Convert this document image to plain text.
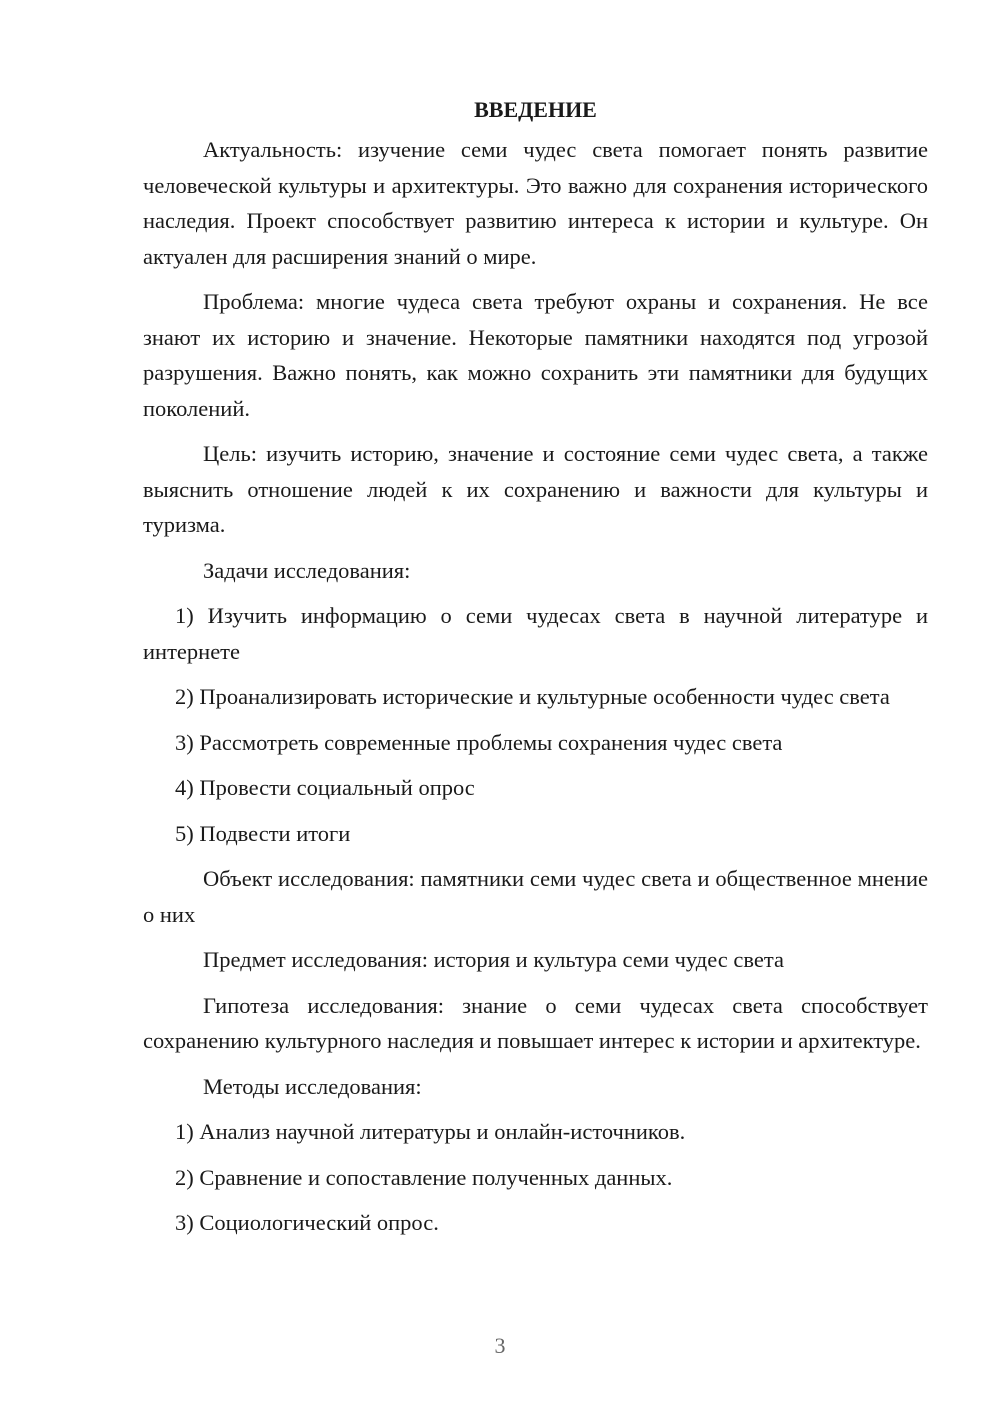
ВВЕДЕНИЕ

Актуальность: изучение семи чудес света помогает понять развитие человеческой культуры и архитектуры. Это важно для сохранения исторического наследия. Проект способствует развитию интереса к истории и культуре. Он актуален для расширения знаний о мире.

Проблема: многие чудеса света требуют охраны и сохранения. Не все знают их историю и значение. Некоторые памятники находятся под угрозой разрушения. Важно понять, как можно сохранить эти памятники для будущих поколений.

Цель: изучить историю, значение и состояние семи чудес света, а также выяснить отношение людей к их сохранению и важности для культуры и туризма.

Задачи исследования:

1) Изучить информацию о семи чудесах света в научной литературе и интернете

2) Проанализировать исторические и культурные особенности чудес света

3) Рассмотреть современные проблемы сохранения чудес света

4) Провести социальный опрос

5) Подвести итоги

Объект исследования: памятники семи чудес света и общественное мнение о них

Предмет исследования: история и культура семи чудес света

Гипотеза исследования: знание о семи чудесах света способствует сохранению культурного наследия и повышает интерес к истории и архитектуре.

Методы исследования:

1) Анализ научной литературы и онлайн-источников.

2) Сравнение и сопоставление полученных данных.

3) Социологический опрос.

3
